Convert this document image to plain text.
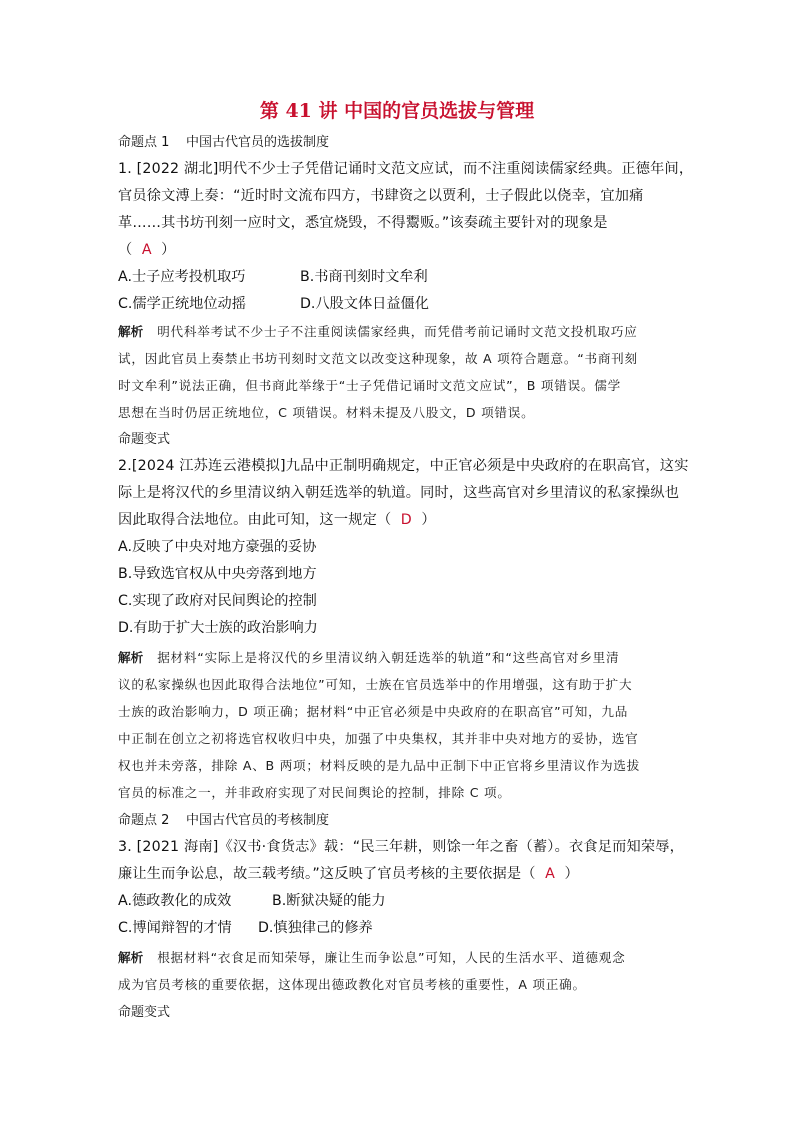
第 41 讲 中国的官员选拔与管理
命题点 1 中国古代官员的选拔制度
1. [2022 湖北]明代不少士子凭借记诵时文范文应试，而不注重阅读儒家经典。正德年间，
官员徐文溥上奏：“近时时文流布四方，书肆资之以贾利，士子假此以侥幸，宜加痛
革……其书坊刊刻一应时文，悉宜烧毁，不得鬻贩。”该奏疏主要针对的现象是
（ A ）
A.士子应考投机取巧	B.书商刊刻时文牟利
C.儒学正统地位动摇	D.八股文体日益僵化
解析 明代科举考试不少士子不注重阅读儒家经典，而凭借考前记诵时文范文投机取巧应
试，因此官员上奏禁止书坊刊刻时文范文以改变这种现象，故 A 项符合题意。“书商刊刻
时文牟利”说法正确，但书商此举缘于“士子凭借记诵时文范文应试”，B 项错误。儒学
思想在当时仍居正统地位，C 项错误。材料未提及八股文，D 项错误。
命题变式
2.[2024 江苏连云港模拟]九品中正制明确规定，中正官必须是中央政府的在职高官，这实
际上是将汉代的乡里清议纳入朝廷选举的轨道。同时，这些高官对乡里清议的私家操纵也
因此取得合法地位。由此可知，这一规定（ D ）
A.反映了中央对地方豪强的妥协
B.导致选官权从中央旁落到地方
C.实现了政府对民间舆论的控制
D.有助于扩大士族的政治影响力
解析 据材料“实际上是将汉代的乡里清议纳入朝廷选举的轨道”和“这些高官对乡里清
议的私家操纵也因此取得合法地位”可知，士族在官员选举中的作用增强，这有助于扩大
士族的政治影响力，D 项正确；据材料“中正官必须是中央政府的在职高官”可知，九品
中正制在创立之初将选官权收归中央，加强了中央集权，其并非中央对地方的妥协，选官
权也并未旁落，排除 A、B 两项；材料反映的是九品中正制下中正官将乡里清议作为选拔
官员的标准之一，并非政府实现了对民间舆论的控制，排除 C 项。
命题点 2 中国古代官员的考核制度
3. [2021 海南]《汉书·食货志》载：“民三年耕，则馀一年之畜（蓄）。衣食足而知荣辱，
廉让生而争讼息，故三载考绩。”这反映了官员考核的主要依据是（ A ）
A.德政教化的成效	B.断狱决疑的能力
C.博闻辩智的才情 D.慎独律己的修养
解析 根据材料“衣食足而知荣辱，廉让生而争讼息”可知，人民的生活水平、道德观念
成为官员考核的重要依据，这体现出德政教化对官员考核的重要性，A 项正确。
命题变式
